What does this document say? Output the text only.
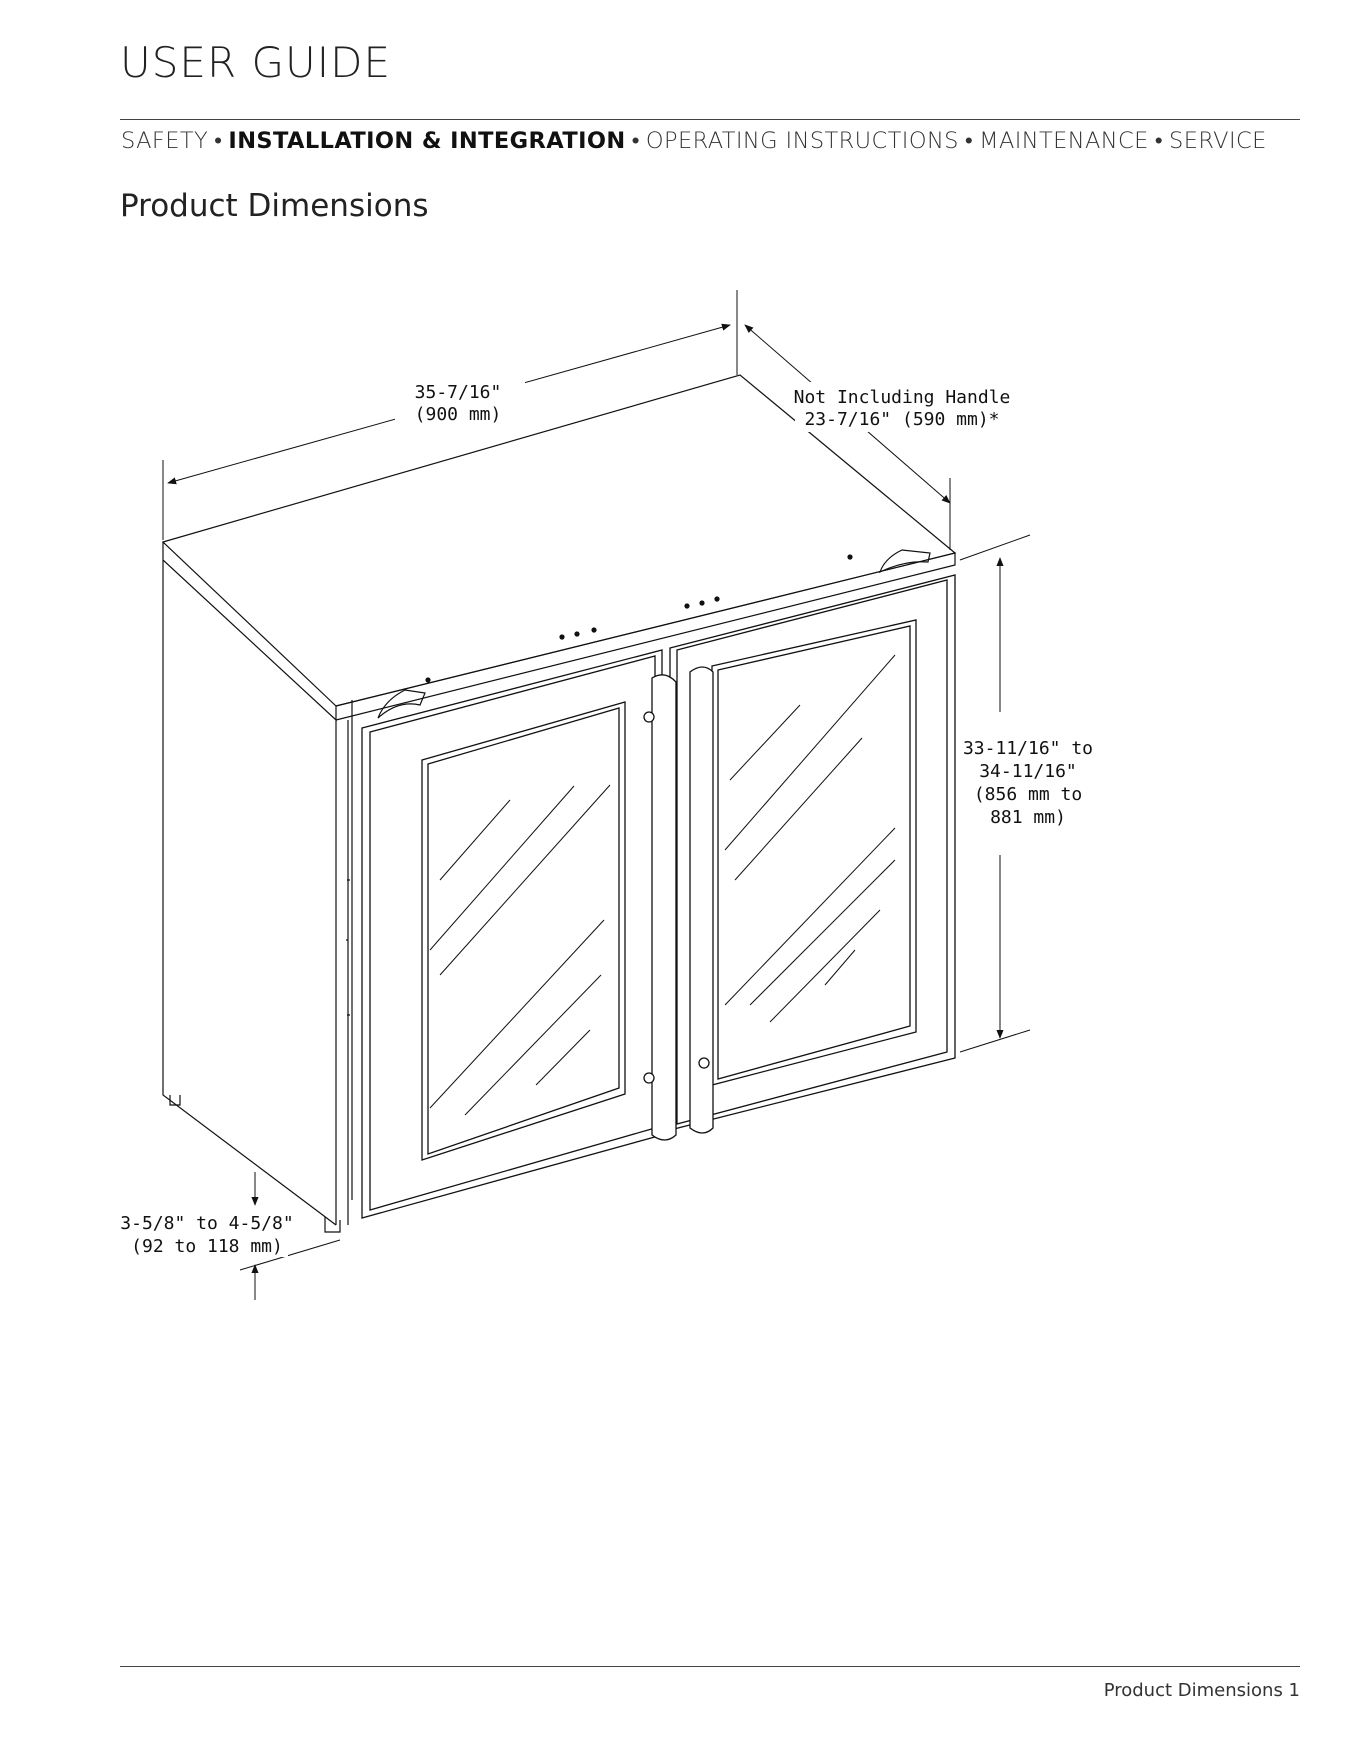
USER GUIDE
SAFETY • INSTALLATION & INTEGRATION • OPERATING INSTRUCTIONS • MAINTENANCE • SERVICE
Product Dimensions
35-7/16"
(900 mm)
Not Including Handle
23-7/16" (590 mm)*
33-11/16" to
34-11/16"
(856 mm to
881 mm)
3-5/8" to 4-5/8"
(92 to 118 mm)
Product Dimensions 1
